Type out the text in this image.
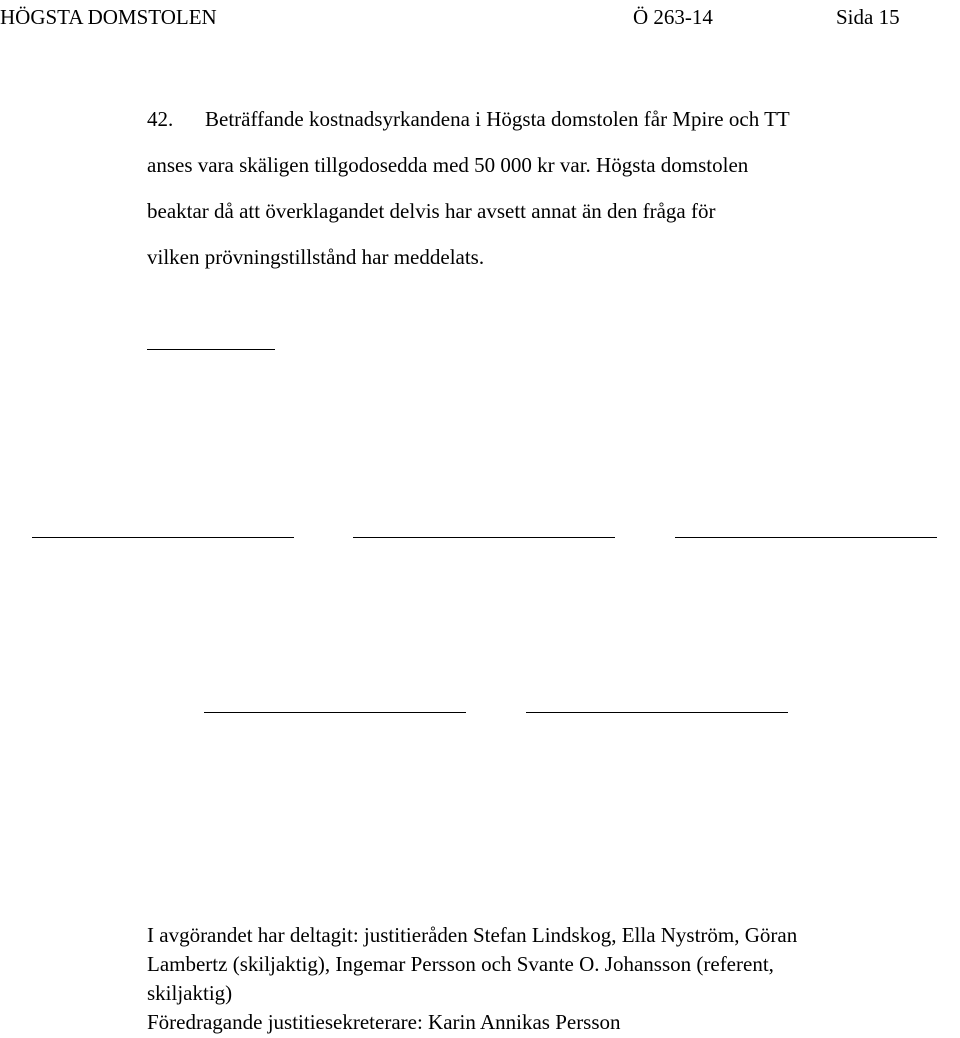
HÖGSTA DOMSTOLEN	Ö 263-14	Sida 15
42. Beträffande kostnadsyrkandena i Högsta domstolen får Mpire och TT
anses vara skäligen tillgodosedda med 50 000 kr var. Högsta domstolen
beaktar då att överklagandet delvis har avsett annat än den fråga för
vilken prövningstillstånd har meddelats.
I avgörandet har deltagit: justitieråden Stefan Lindskog, Ella Nyström, Göran
Lambertz (skiljaktig), Ingemar Persson och Svante O. Johansson (referent,
skiljaktig)
Föredragande justitiesekreterare: Karin Annikas Persson
